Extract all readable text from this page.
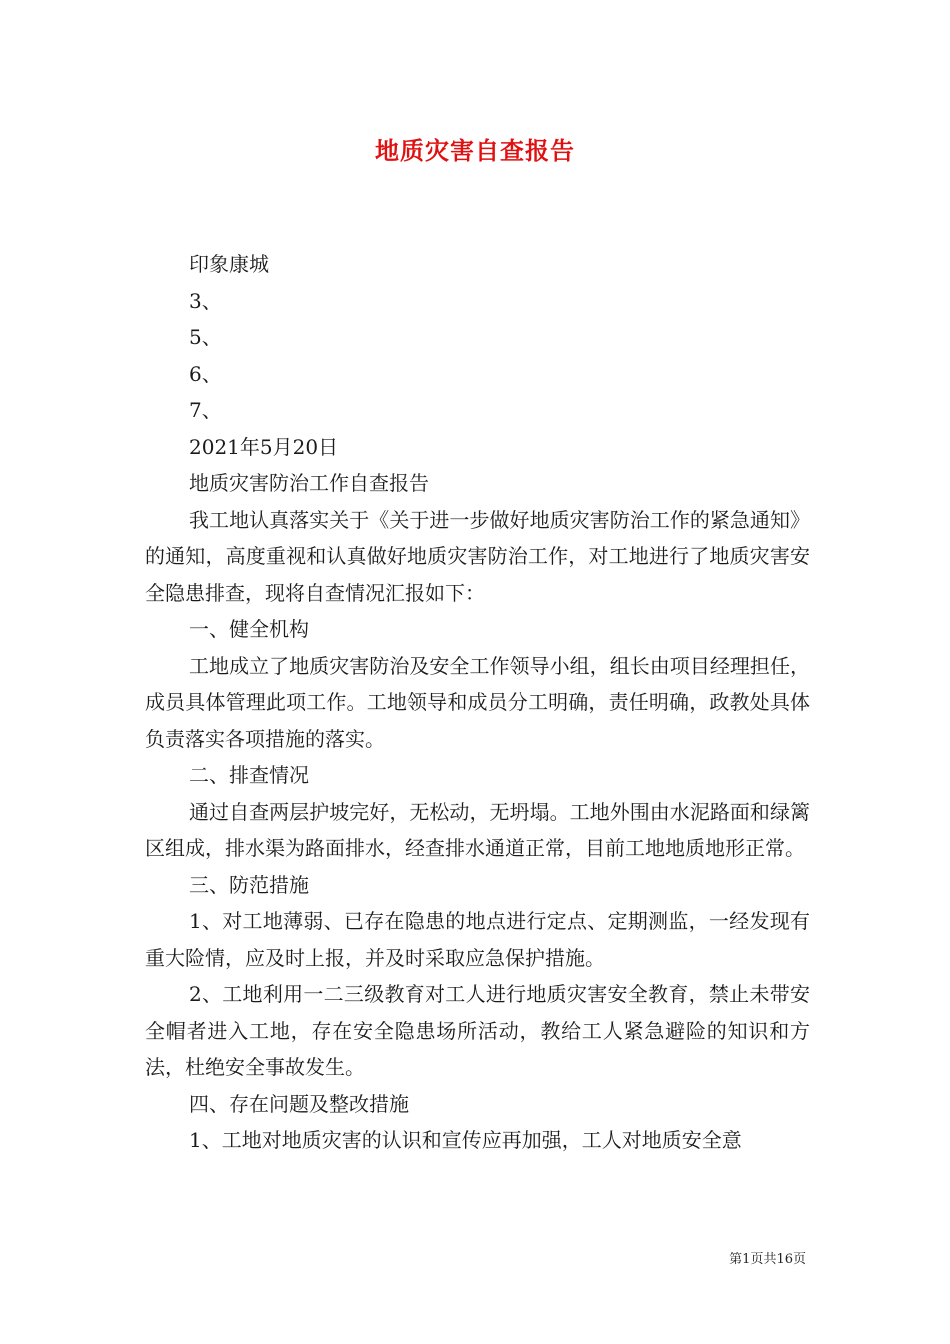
地质灾害自查报告

印象康城

3、

5、

6、

7、

2021年5月20日

地质灾害防治工作自查报告

我工地认真落实关于《关于进一步做好地质灾害防治工作的紧急通知》的通知，高度重视和认真做好地质灾害防治工作，对工地进行了地质灾害安全隐患排查，现将自查情况汇报如下：

一、健全机构

工地成立了地质灾害防治及安全工作领导小组，组长由项目经理担任，成员具体管理此项工作。工地领导和成员分工明确，责任明确，政教处具体负责落实各项措施的落实。

二、排查情况

通过自查两层护坡完好，无松动，无坍塌。工地外围由水泥路面和绿篱区组成，排水渠为路面排水，经查排水通道正常，目前工地地质地形正常。

三、防范措施

1、对工地薄弱、已存在隐患的地点进行定点、定期测监，一经发现有重大险情，应及时上报，并及时采取应急保护措施。

2、工地利用一二三级教育对工人进行地质灾害安全教育，禁止未带安全帽者进入工地，存在安全隐患场所活动，教给工人紧急避险的知识和方法，杜绝安全事故发生。

四、存在问题及整改措施

1、工地对地质灾害的认识和宣传应再加强，工人对地质安全意

第1页共16页
